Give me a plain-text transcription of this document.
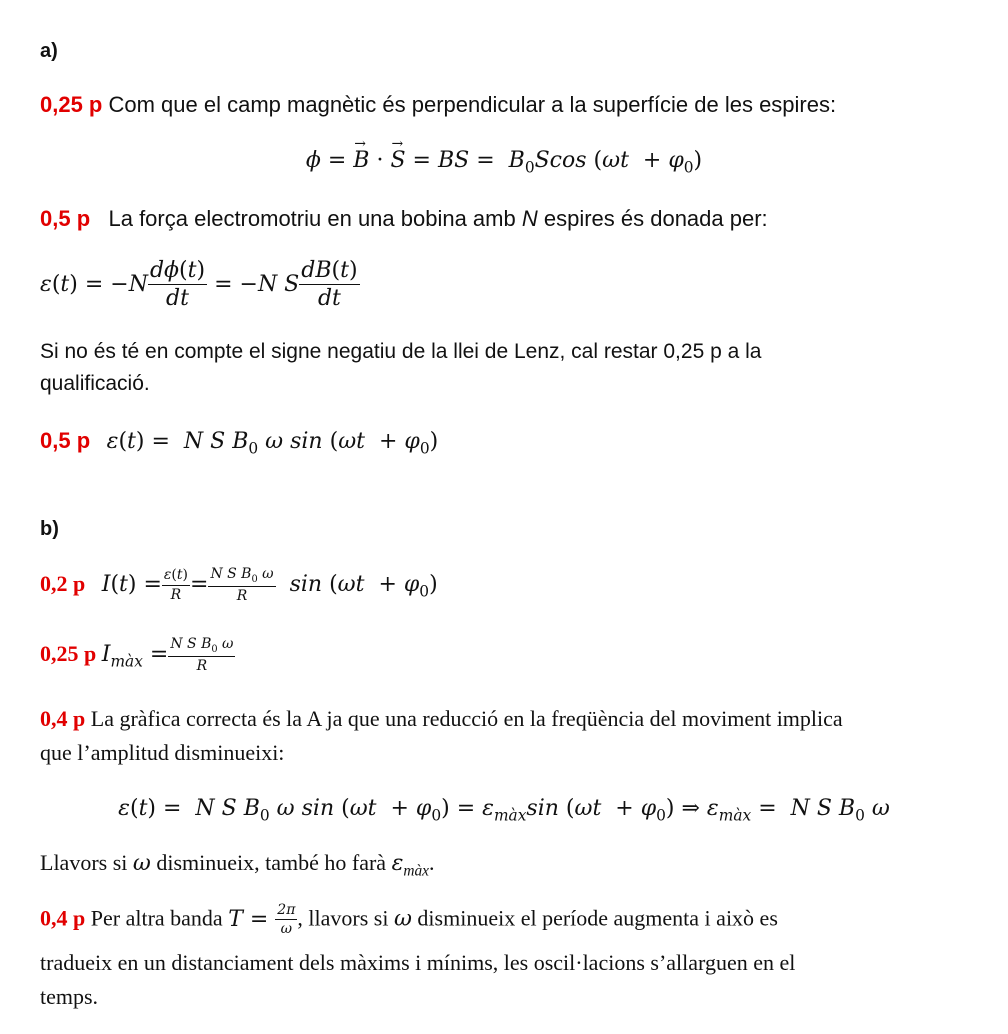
a)
0,25 p Com que el camp magnètic és perpendicular a la superfície de les espires:
ϕ = B
→
· S
→
= BS =  $B_0Scos$ $(\omega t + \varphi_0)$
0,5 p La força electromotriu en una bobina amb N espires és donada per:
$\varepsilon(t) = -N \frac{d\phi(t)}{dt} = -N$ S $\frac{dB(t)}{dt}$
Si no és té en compte el signe negatiu de la llei de Lenz, cal restar 0,25 p a la
qualificació.
0,5 p ε(t) =  N S $B_0$ ω $\sin (\omega t + \varphi_0)$
b)
0,2 p $I(t) = \frac{\varepsilon(t)}{R} = \frac{N S B_0 \omega}{R}$ $\sin (\omega t + \varphi_0)$
0,25 p $I_{màx} = \frac{N S B_0 \omega}{R}$
0,4 p La gràfica correcta és la A ja que una reducció en la freqüència del moviment implica
que l’amplitud disminueixi:
ε(t) =  N S $B_0$ ω $\sin (\omega t + \varphi_0) = \varepsilon_{màx}\sin$ $(\omega t + \varphi_0)$ ⇒ $\varepsilon_{màx} = N$ S $B_0$ ω
Llavors si ω disminueix, també ho farà $\varepsilon_{màx}$.
0,4 p Per altra banda $T = \frac{2\pi}{\omega}$ , llavors si ω disminueix el període augmenta i això es
tradueix en un distanciament dels màxims i mínims, les oscil·lacions s’allarguen en el
temps.
